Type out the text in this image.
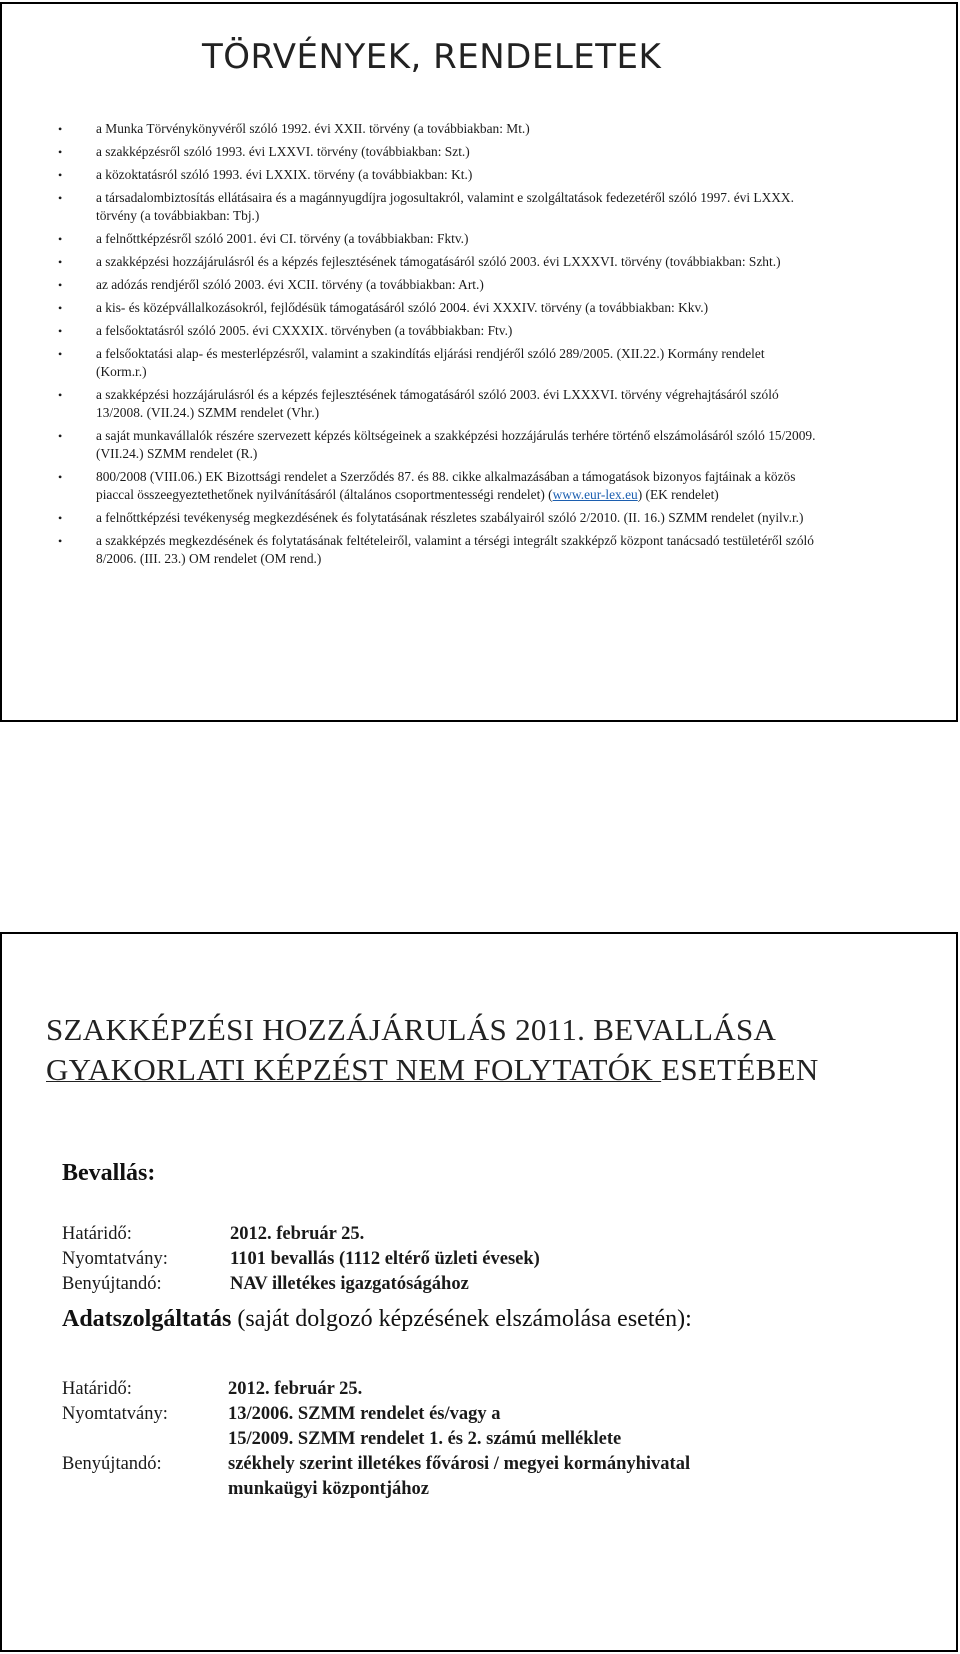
TÖRVÉNYEK, RENDELETEK
•	a Munka Törvénykönyvéről szóló 1992. évi XXII. törvény (a továbbiakban: Mt.)
•	a szakképzésről szóló 1993. évi LXXVI. törvény (továbbiakban: Szt.)
•	a közoktatásról szóló 1993. évi LXXIX. törvény (a továbbiakban: Kt.)
•	a társadalombiztosítás ellátásaira és a magánnyugdíjra jogosultakról, valamint e szolgáltatások fedezetéről szóló 1997. évi LXXX. törvény (a továbbiakban: Tbj.)
•	a felnőttképzésről szóló 2001. évi CI. törvény (a továbbiakban: Fktv.)
•	a szakképzési hozzájárulásról és a képzés fejlesztésének támogatásáról szóló 2003. évi LXXXVI. törvény (továbbiakban: Szht.)
•	az adózás rendjéről szóló 2003. évi XCII. törvény (a továbbiakban: Art.)
•	a kis- és középvállalkozásokról, fejlődésük támogatásáról szóló 2004. évi XXXIV. törvény (a továbbiakban: Kkv.)
•	a felsőoktatásról szóló 2005. évi CXXXIX. törvényben (a továbbiakban: Ftv.)
•	a felsőoktatási alap- és mesterlépzésről, valamint a szakindítás eljárási rendjéről szóló 289/2005. (XII.22.) Kormány rendelet (Korm.r.)
•	a szakképzési hozzájárulásról és a képzés fejlesztésének támogatásáról szóló 2003. évi LXXXVI. törvény végrehajtásáról szóló 13/2008. (VII.24.) SZMM rendelet (Vhr.)
•	a saját munkavállalók részére szervezett képzés költségeinek a szakképzési hozzájárulás terhére történő elszámolásáról szóló 15/2009. (VII.24.) SZMM rendelet (R.)
•	800/2008 (VIII.06.) EK Bizottsági rendelet a Szerződés 87. és 88. cikke alkalmazásában a támogatások bizonyos fajtáinak a közös piaccal összeegyeztethetőnek nyilvánításáról (általános csoportmentességi rendelet) (www.eur-lex.eu) (EK rendelet)
•	a felnőttképzési tevékenység megkezdésének és folytatásának részletes szabályairól szóló 2/2010. (II. 16.) SZMM rendelet (nyilv.r.)
•	a szakképzés megkezdésének és folytatásának feltételeiről, valamint a térségi integrált szakképző központ tanácsadó testületéről szóló 8/2006. (III. 23.) OM rendelet (OM rend.)
SZAKKÉPZÉSI HOZZÁJÁRULÁS 2011. BEVALLÁSA
GYAKORLATI KÉPZÉST NEM FOLYTATÓK ESETÉBEN
Bevallás:
Határidő:	2012. február 25.
Nyomtatvány:	1101 bevallás (1112 eltérő üzleti évesek)
Benyújtandó:	NAV illetékes igazgatóságához
Adatszolgáltatás (saját dolgozó képzésének elszámolása esetén):
Határidő:	2012. február 25.
Nyomtatvány:	13/2006. SZMM rendelet és/vagy a
15/2009. SZMM rendelet 1. és 2. számú melléklete
Benyújtandó:	székhely szerint illetékes fővárosi / megyei kormányhivatal
munkaügyi központjához
